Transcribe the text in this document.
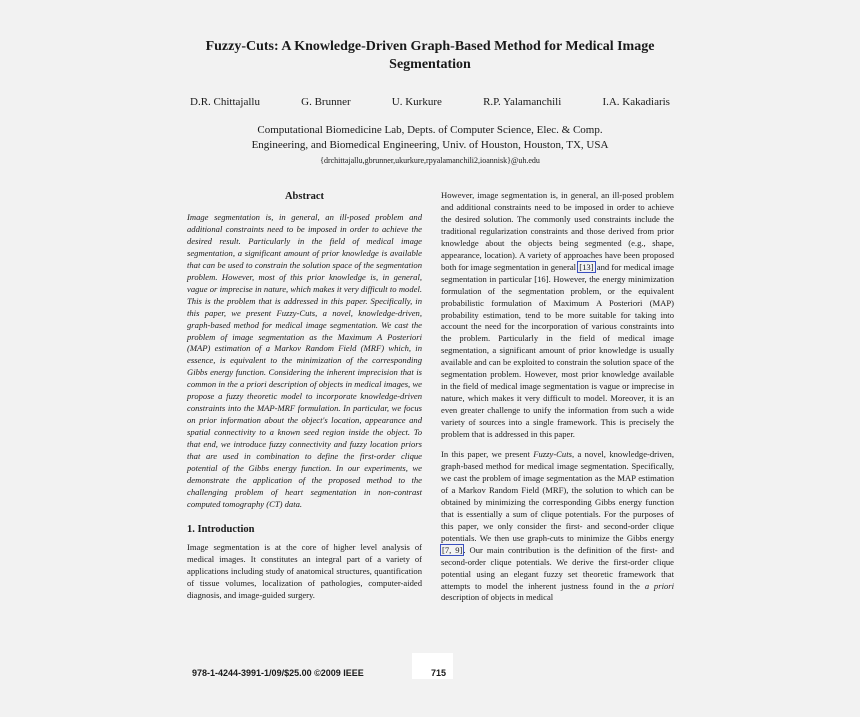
Fuzzy-Cuts: A Knowledge-Driven Graph-Based Method for Medical Image
Segmentation
D.R. Chittajallu	G. Brunner	U. Kurkure	R.P. Yalamanchili	I.A. Kakadiaris
Computational Biomedicine Lab, Depts. of Computer Science, Elec. & Comp.
Engineering, and Biomedical Engineering, Univ. of Houston, Houston, TX, USA
{drchittajallu,gbrunner,ukurkure,rpyalamanchili2,ioannisk}@uh.edu
Abstract

Image segmentation is, in general, an ill-posed problem and additional constraints need to be imposed in order to achieve the desired result. Particularly in the field of medical image segmentation, a significant amount of prior knowledge is available that can be used to constrain the solution space of the segmentation problem. However, most of this prior knowledge is, in general, vague or imprecise in nature, which makes it very difficult to model. This is the problem that is addressed in this paper. Specifically, in this paper, we present Fuzzy-Cuts, a novel, knowledge-driven, graph-based method for medical image segmentation. We cast the problem of image segmentation as the Maximum A Posteriori (MAP) estimation of a Markov Random Field (MRF) which, in essence, is equivalent to the minimization of the corresponding Gibbs energy function. Considering the inherent imprecision that is common in the a priori description of objects in medical images, we propose a fuzzy theoretic model to incorporate knowledge-driven constraints into the MAP-MRF formulation. In particular, we focus on prior information about the object's location, appearance and spatial connectivity to a known seed region inside the object. To that end, we introduce fuzzy connectivity and fuzzy location priors that are used in combination to define the first-order clique potential of the Gibbs energy function. In our experiments, we demonstrate the application of the proposed method to the challenging problem of heart segmentation in non-contrast computed tomography (CT) data.

1. Introduction

Image segmentation is at the core of higher level analysis of medical images. It constitutes an integral part of a variety of applications including study of anatomical structures, quantification of tissue volumes, localization of pathologies, computer-aided diagnosis, and image-guided surgery.

However, image segmentation is, in general, an ill-posed problem and additional constraints need to be imposed in order to achieve the desired solution. The commonly used constraints include the traditional regularization constraints and those derived from prior knowledge about the objects being segmented (e.g., shape, appearance, location). A variety of approaches have been proposed both for image segmentation in general [13] and for medical image segmentation in particular [16]. However, the energy minimization formulation of the segmentation problem, or the equivalent probabilistic formulation of Maximum A Posteriori (MAP) probability estimation, tend to be more suitable for taking into account the need for the incorporation of various constraints into the problem. Particularly in the field of medical image segmentation, a significant amount of prior knowledge is usually available and can be exploited to constrain the solution space of the segmentation problem. However, most prior knowledge available in the field of medical image segmentation is vague or imprecise in nature, which makes it very difficult to model. Moreover, it is an even greater challenge to unify the information from such a wide variety of sources into a single framework. This is precisely the problem that is addressed in this paper.

In this paper, we present Fuzzy-Cuts, a novel, knowledge-driven, graph-based method for medical image segmentation. Specifically, we cast the problem of image segmentation as the MAP estimation of a Markov Random Field (MRF), the solution to which can be obtained by minimizing the corresponding Gibbs energy function that is essentially a sum of clique potentials. For the purposes of this paper, we only consider the first- and second-order clique potentials. We then use graph-cuts to minimize the Gibbs energy [7, 9]. Our main contribution is the definition of the first- and second-order clique potentials. We derive the first-order clique potential using an elegant fuzzy set theoretic framework that attempts to model the inherent justness found in the a priori description of objects in medical

978-1-4244-3991-1/09/$25.00 ©2009 IEEE	715
